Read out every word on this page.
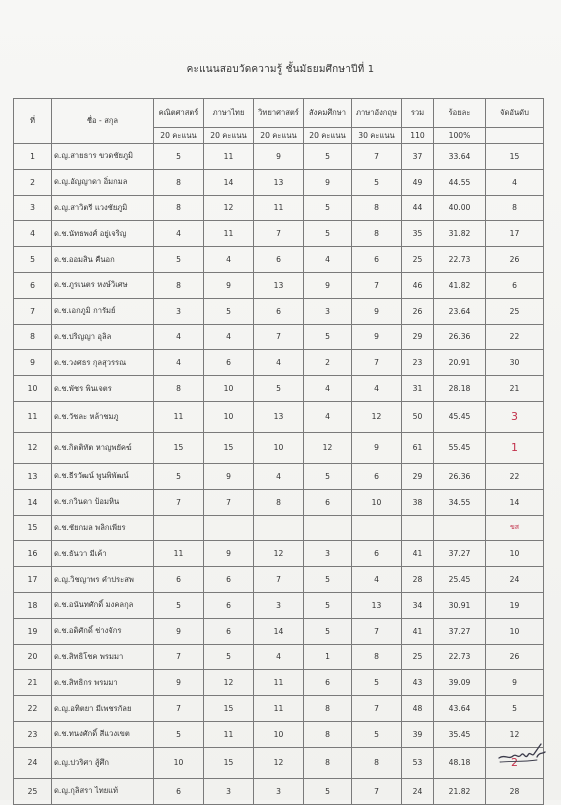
คะแนนสอบวัดความรู้ ชั้นมัธยมศึกษาปีที่ 1
ที่	ชื่อ - สกุล	คณิตศาสตร์	ภาษาไทย	วิทยาศาสตร์	สังคมศึกษา	ภาษาอังกฤษ	รวม	ร้อยละ	จัดอันดับ
		20 คะแนน	20 คะแนน	20 คะแนน	20 คะแนน	30 คะแนน	110	100%	
1	ด.ญ.สายธาร ขวดชัยภูมิ	5	11	9	5	7	37	33.64	15
2	ด.ญ.อัญญาดา อิ่มกมล	8	14	13	9	5	49	44.55	4
3	ด.ญ.สาวิตรี แวงชัยภูมิ	8	12	11	5	8	44	40.00	8
4	ด.ช.นัทธพงศ์ อยู่เจริญ	4	11	7	5	8	35	31.82	17
5	ด.ช.ออมสิน คืนอก	5	4	6	4	6	25	22.73	26
6	ด.ช.ภูรเนตร หงษ์วิเศษ	8	9	13	9	7	46	41.82	6
7	ด.ช.เอกภูมิ การัมย์	3	5	6	3	9	26	23.64	25
8	ด.ช.ปริญญา อุลิล	4	4	7	5	9	29	26.36	22
9	ด.ช.วงศธร กุลสุวรรณ	4	6	4	2	7	23	20.91	30
10	ด.ช.พัชร พินเจตร	8	10	5	4	4	31	28.18	21
11	ด.ช.วัชละ หล้าชมภู	11	10	13	4	12	50	45.45	3
12	ด.ช.กิตติทัต หาญพยัคฆ์	15	15	10	12	9	61	55.45	1
13	ด.ช.ธีรวัฒน์ พูนพิพัฒน์	5	9	4	5	6	29	26.36	22
14	ด.ช.กวินดา ป้อมหิน	7	7	8	6	10	38	34.55	14
15	ด.ช.ชัยกมล พลิกเพียร								ขส
16	ด.ช.ธันวา มีเค้า	11	9	12	3	6	41	37.27	10
17	ด.ญ.วิชญาพร คำประสพ	6	6	7	5	4	28	25.45	24
18	ด.ช.อนันทศักดิ์ มงคลกุล	5	6	3	5	13	34	30.91	19
19	ด.ช.อดิศักดิ์ ช่างจักร	9	6	14	5	7	41	37.27	10
20	ด.ช.สิทธิโชค พรมมา	7	5	4	1	8	25	22.73	26
21	ด.ช.สิทธิกร พรมมา	9	12	11	6	5	43	39.09	9
22	ด.ญ.อทิตยา มีเพชรกัลย	7	15	11	8	7	48	43.64	5
23	ด.ช.ทนงศักดิ์ สีแวงเขต	5	11	10	8	5	39	35.45	12
24	ด.ญ.ปวริศา สู้ศึก	10	15	12	8	8	53	48.18	2
25	ด.ญ.กุลิสรา ไทยแท้	6	3	3	5	7	24	21.82	28
